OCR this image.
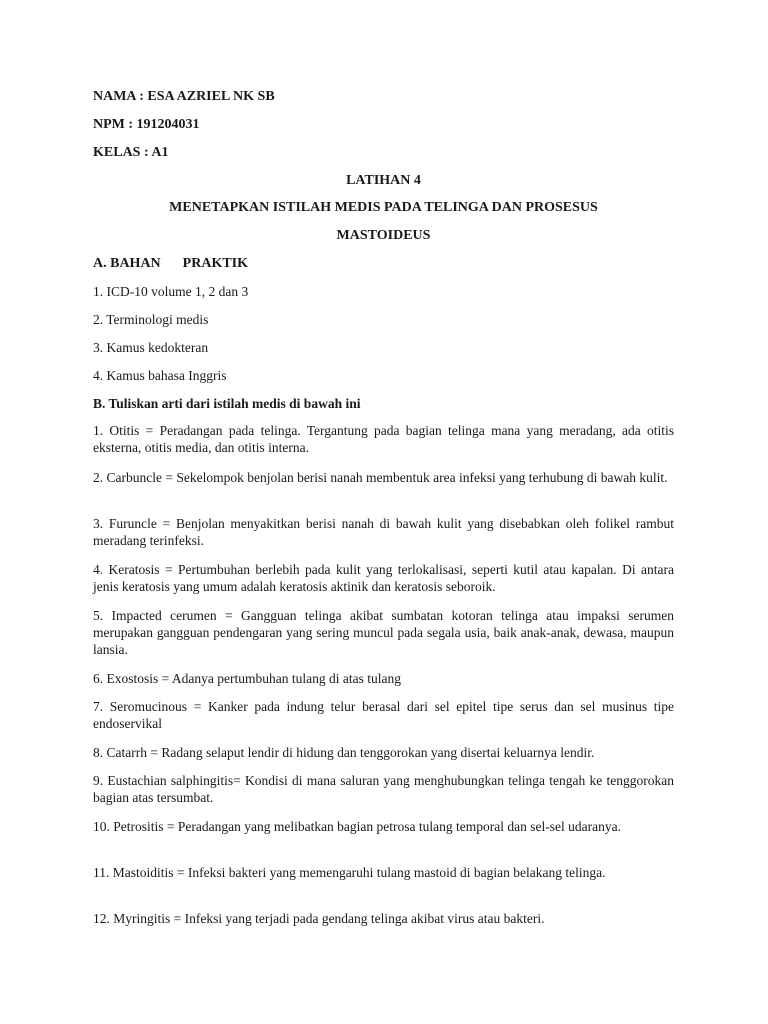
NAMA : ESA AZRIEL NK SB
NPM : 191204031
KELAS : A1
LATIHAN 4
MENETAPKAN ISTILAH MEDIS PADA TELINGA DAN PROSESUS
MASTOIDEUS
A. BAHAN PRAKTIK
1. ICD-10 volume 1, 2 dan 3
2. Terminologi medis
3. Kamus kedokteran
4. Kamus bahasa Inggris
B. Tuliskan arti dari istilah medis di bawah ini
1. Otitis = Peradangan pada telinga. Tergantung pada bagian telinga mana yang meradang, ada otitis eksterna, otitis media, dan otitis interna.
2. Carbuncle = Sekelompok benjolan berisi nanah membentuk area infeksi yang terhubung di bawah kulit.
3. Furuncle = Benjolan menyakitkan berisi nanah di bawah kulit yang disebabkan oleh folikel rambut meradang terinfeksi.
4. Keratosis = Pertumbuhan berlebih pada kulit yang terlokalisasi, seperti kutil atau kapalan. Di antara jenis keratosis yang umum adalah keratosis aktinik dan keratosis seboroik.
5. Impacted cerumen = Gangguan telinga akibat sumbatan kotoran telinga atau impaksi serumen merupakan gangguan pendengaran yang sering muncul pada segala usia, baik anak-anak, dewasa, maupun lansia.
6. Exostosis = Adanya pertumbuhan tulang di atas tulang
7. Seromucinous = Kanker pada indung telur berasal dari sel epitel tipe serus dan sel musinus tipe endoservikal
8. Catarrh = Radang selaput lendir di hidung dan tenggorokan yang disertai keluarnya lendir.
9. Eustachian salphingitis= Kondisi di mana saluran yang menghubungkan telinga tengah ke tenggorokan bagian atas tersumbat.
10. Petrositis = Peradangan yang melibatkan bagian petrosa tulang temporal dan sel-sel udaranya.
11. Mastoiditis = Infeksi bakteri yang memengaruhi tulang mastoid di bagian belakang telinga.
12. Myringitis = Infeksi yang terjadi pada gendang telinga akibat virus atau bakteri.
